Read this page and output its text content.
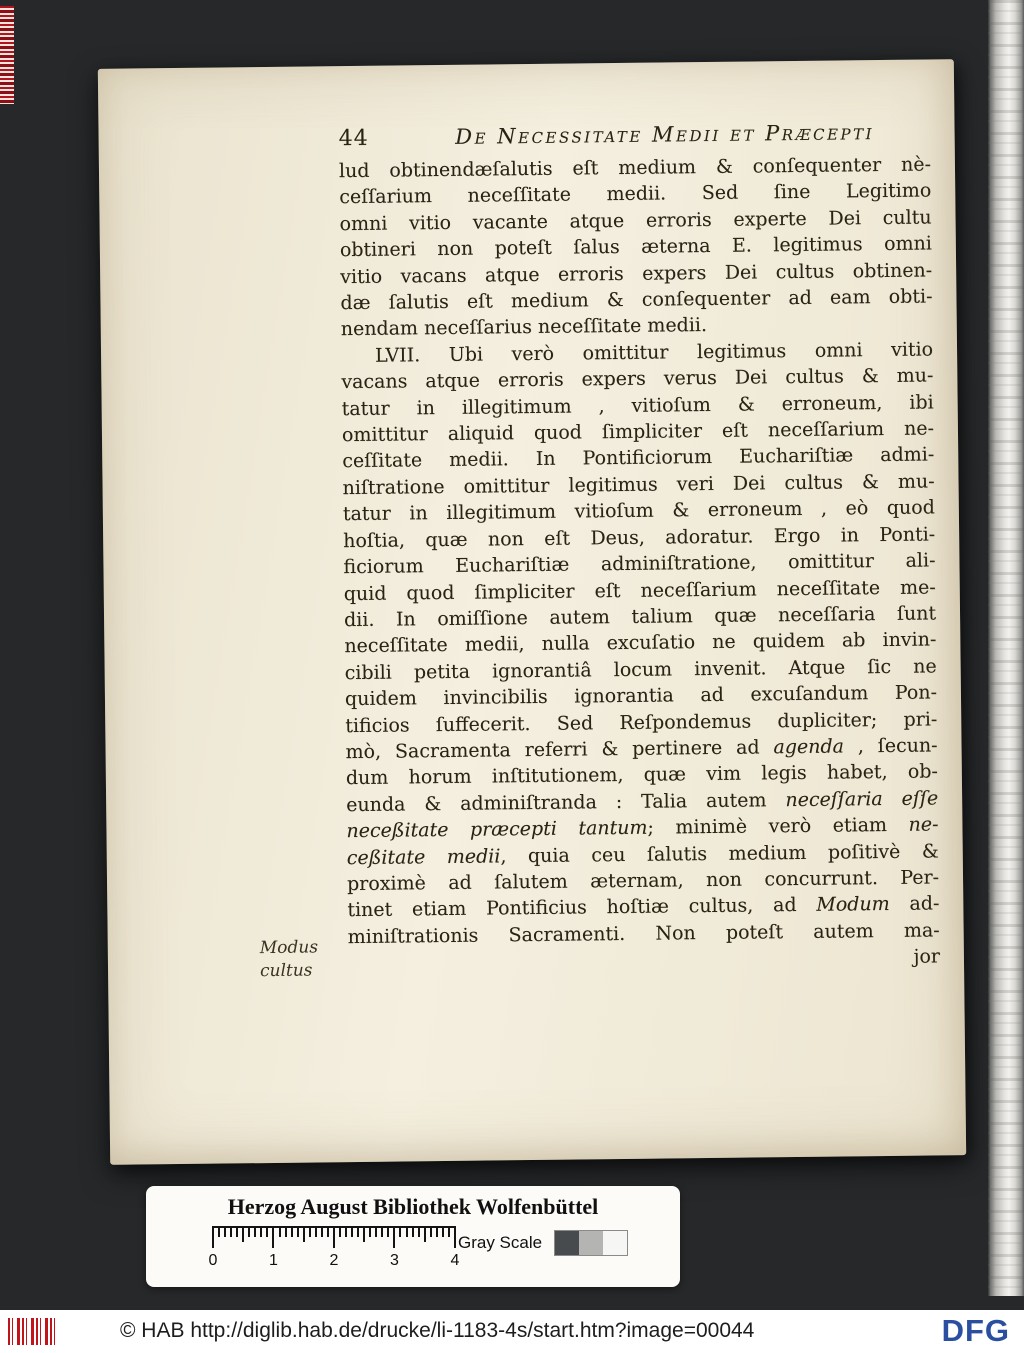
Modus
cultus
44	De Necessitate Medii et Præcepti
lud obtinendæſalutis eſt medium & conſequenter nè-
ceſſarium neceſſitate medii. Sed ſine Legitimo
omni vitio vacante atque erroris experte Dei cultu
obtineri non poteſt ſalus æterna E. legitimus omni
vitio vacans atque erroris expers Dei cultus obtinen-
dæ ſalutis eſt medium & conſequenter ad eam obti-
nendam neceſſarius neceſſitate medii.
LVII. Ubi verò omittitur legitimus omni vitio
vacans atque erroris expers verus Dei cultus & mu-
tatur in illegitimum , vitioſum & erroneum, ibi
omittitur aliquid quod ſimpliciter eſt neceſſarium ne-
ceſſitate medii. In Pontificiorum Euchariſtiæ admi-
niſtratione omittitur legitimus veri Dei cultus & mu-
tatur in illegitimum vitioſum & erroneum , eò quod
hoſtia, quæ non eſt Deus, adoratur. Ergo in Ponti-
ficiorum Euchariſtiæ adminiſtratione, omittitur ali-
quid quod ſimpliciter eſt neceſſarium neceſſitate me-
dii. In omiſſione autem talium quæ neceſſaria ſunt
neceſſitate medii, nulla excuſatio ne quidem ab invin-
cibili petita ignorantiâ locum invenit. Atque ſic ne
quidem invincibilis ignorantia ad excuſandum Pon-
tificios ſuffecerit. Sed Reſpondemus dupliciter; pri-
mò, Sacramenta referri & pertinere ad agenda , ſecun-
dum horum inſtitutionem, quæ vim legis habet, ob-
eunda & adminiſtranda : Talia autem neceſſaria eſſe
neceßitate præcepti tantum; minimè verò etiam ne-
ceßitate medii, quia ceu ſalutis medium poſitivè &
proximè ad ſalutem æternam, non concurrunt. Per-
tinet etiam Pontificius hoſtiæ cultus, ad Modum ad-
miniſtrationis Sacramenti. Non poteſt autem ma-
jor
Herzog August Bibliothek Wolfenbüttel
0	1	2	3	4
Gray Scale
© HAB http://diglib.hab.de/drucke/li-1183-4s/start.htm?image=00044	DFG
